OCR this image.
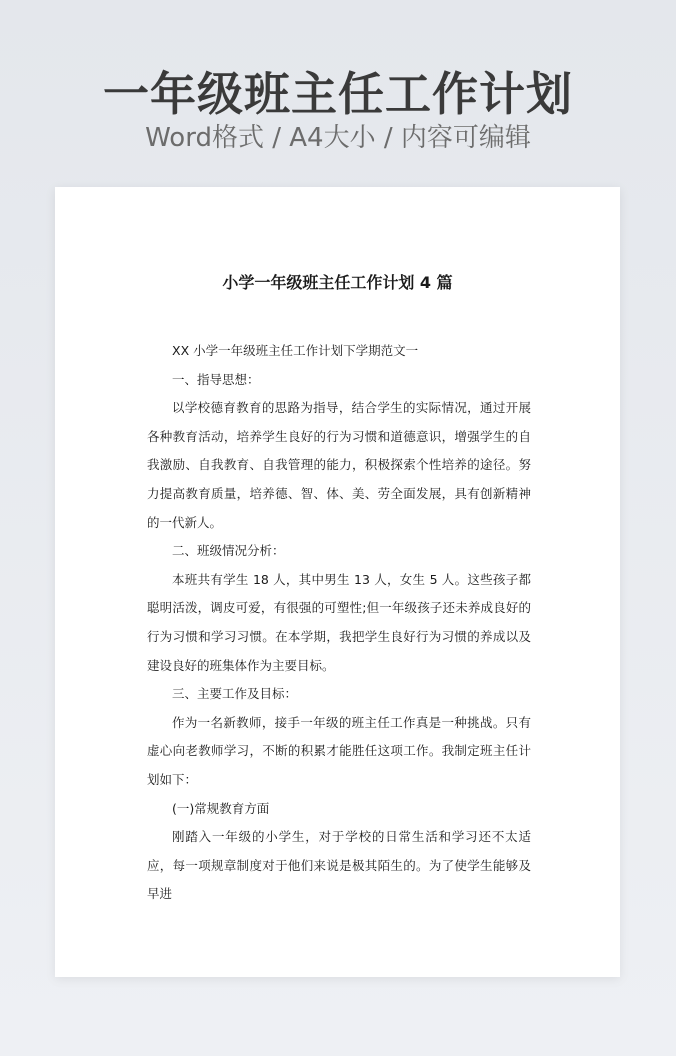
一年级班主任工作计划
Word格式 / A4大小 / 内容可编辑
小学一年级班主任工作计划 4 篇

XX 小学一年级班主任工作计划下学期范文一

一、指导思想：

以学校德育教育的思路为指导，结合学生的实际情况，通过开展各种教育活动，培养学生良好的行为习惯和道德意识，增强学生的自我激励、自我教育、自我管理的能力，积极探索个性培养的途径。努力提高教育质量，培养德、智、体、美、劳全面发展，具有创新精神的一代新人。

二、班级情况分析：

本班共有学生 18 人，其中男生 13 人，女生 5 人。这些孩子都聪明活泼，调皮可爱，有很强的可塑性;但一年级孩子还未养成良好的行为习惯和学习习惯。在本学期，我把学生良好行为习惯的养成以及建设良好的班集体作为主要目标。

三、主要工作及目标：

作为一名新教师，接手一年级的班主任工作真是一种挑战。只有虚心向老教师学习，不断的积累才能胜任这项工作。我制定班主任计划如下：

(一)常规教育方面

刚踏入一年级的小学生，对于学校的日常生活和学习还不太适应，每一项规章制度对于他们来说是极其陌生的。为了使学生能够及早进
